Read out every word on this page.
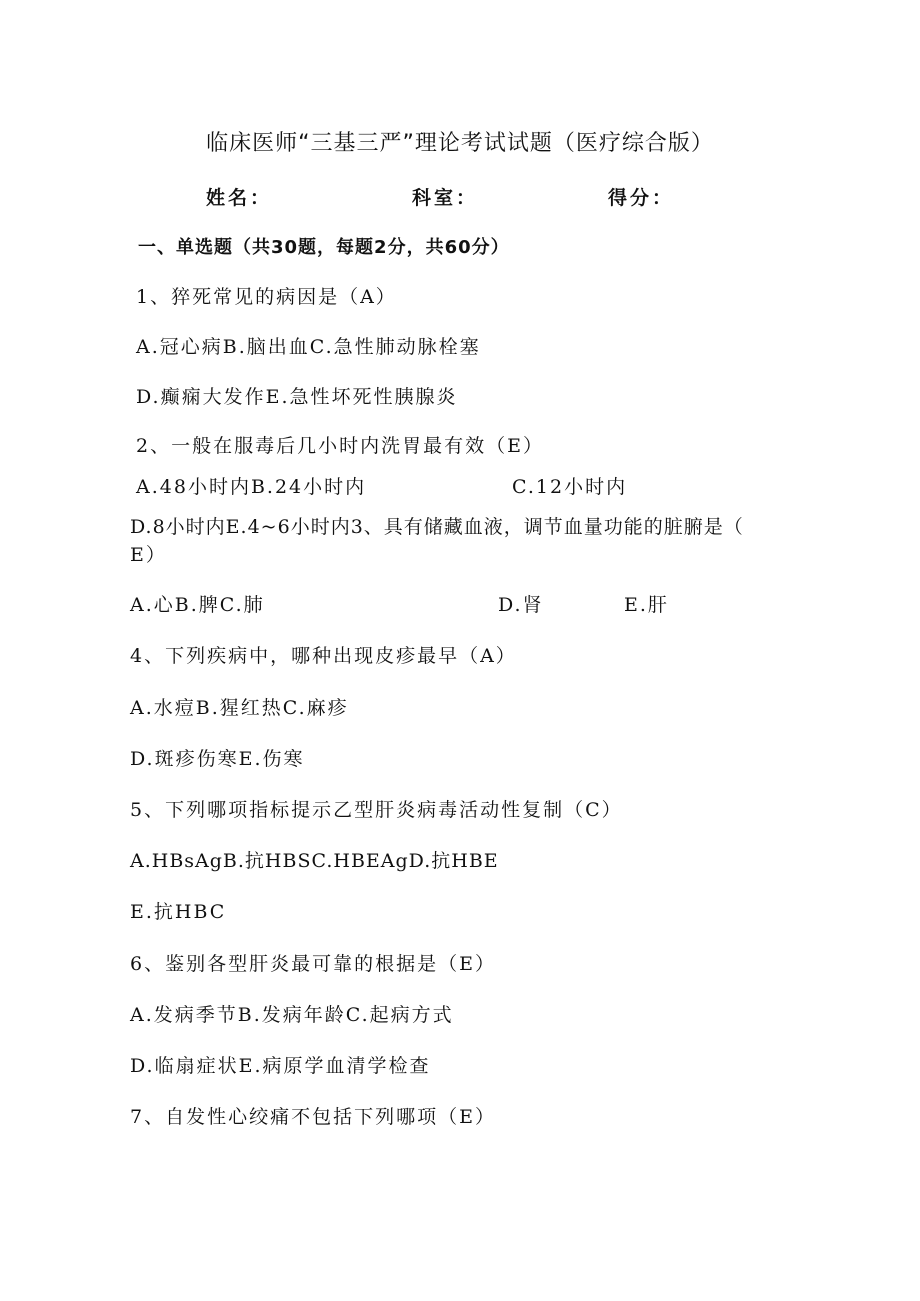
临床医师“三基三严”理论考试试题（医疗综合版）
姓名：	科室：	得分：
一、单选题（共30题，每题2分，共60分）
1、猝死常见的病因是（A）
A.冠心病B.脑出血C.急性肺动脉栓塞
D.癫痫大发作E.急性坏死性胰腺炎
2、一般在服毒后几小时内洗胃最有效（E）
A.48小时内B.24小时内	C.12小时内
D.8小时内E.4~6小时内3、具有储藏血液，调节血量功能的脏腑是（
E）
A.心B.脾C.肺	D.肾	E.肝
4、下列疾病中，哪种出现皮疹最早（A）
A.水痘B.猩红热C.麻疹
D.斑疹伤寒E.伤寒
5、下列哪项指标提示乙型肝炎病毒活动性复制（C）
A.HBsAgB.抗HBSC.HBEAgD.抗HBE
E.抗HBC
6、鉴别各型肝炎最可靠的根据是（E）
A.发病季节B.发病年龄C.起病方式
D.临扇症状E.病原学血清学检查
7、自发性心绞痛不包括下列哪项（E）
